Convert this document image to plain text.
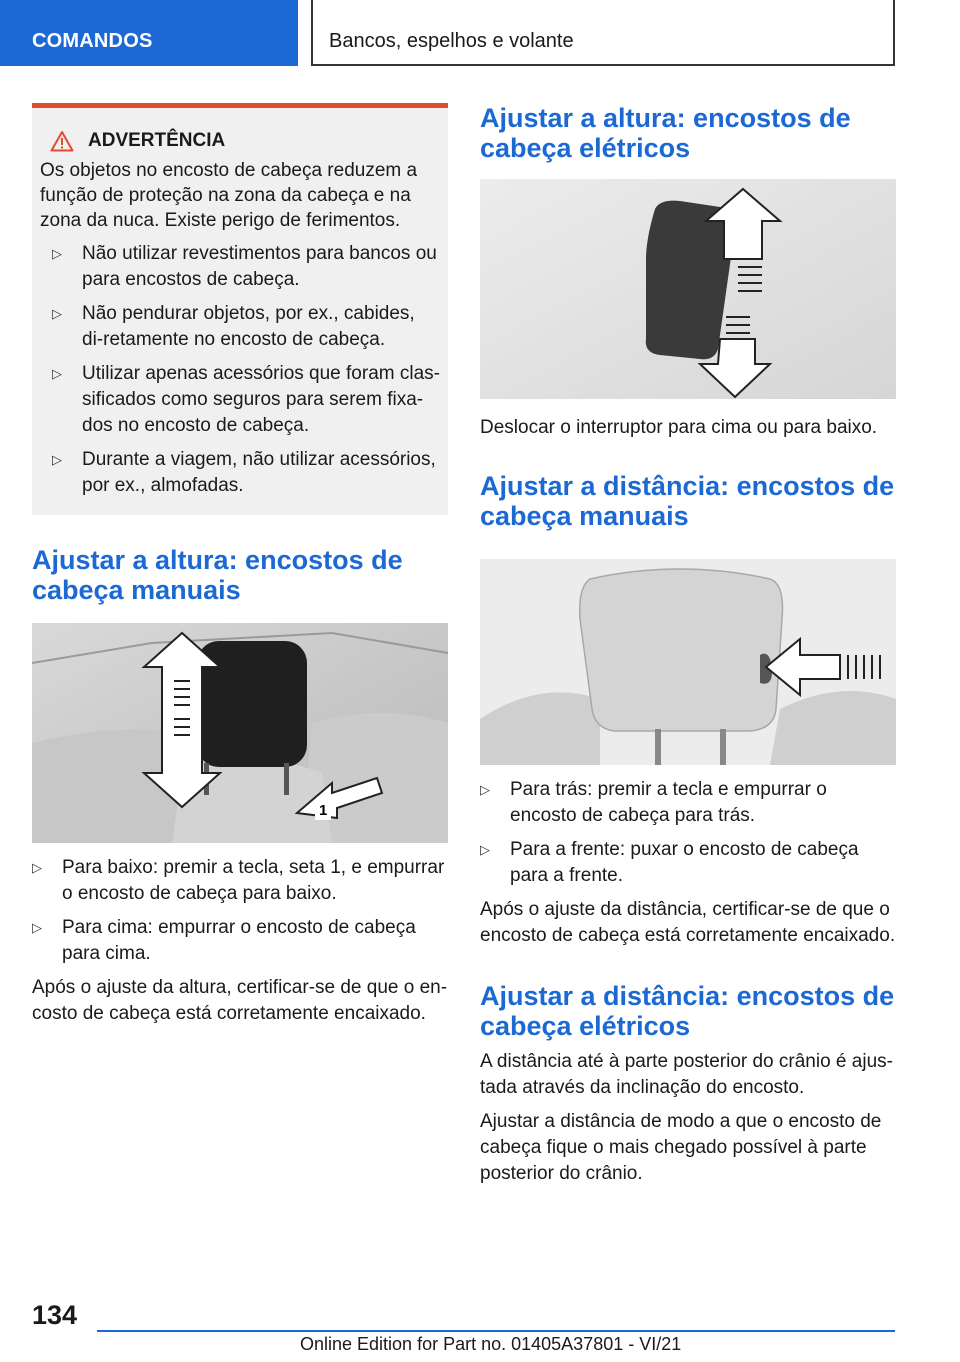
COMANDOS	Bancos, espelhos e volante
ADVERTÊNCIA

Os objetos no encosto de cabeça reduzem a função de proteção na zona da cabeça e na zona da nuca. Existe perigo de ferimentos.

▷ Não utilizar revestimentos para bancos ou para encostos de cabeça.
▷ Não pendurar objetos, por ex., cabides, di-retamente no encosto de cabeça.
▷ Utilizar apenas acessórios que foram clas-sificados como seguros para serem fixa-dos no encosto de cabeça.
▷ Durante a viagem, não utilizar acessórios, por ex., almofadas.
Ajustar a altura: encostos de cabeça manuais
1
▷ Para baixo: premir a tecla, seta 1, e empurrar o encosto de cabeça para baixo.
▷ Para cima: empurrar o encosto de cabeça para cima.

Após o ajuste da altura, certificar-se de que o en-costo de cabeça está corretamente encaixado.

Ajustar a altura: encostos de cabeça elétricos

Deslocar o interruptor para cima ou para baixo.

Ajustar a distância: encostos de cabeça manuais
▷ Para trás: premir a tecla e empurrar o encosto de cabeça para trás.
▷ Para a frente: puxar o encosto de cabeça para a frente.

Após o ajuste da distância, certificar-se de que o encosto de cabeça está corretamente encaixado.

Ajustar a distância: encostos de cabeça elétricos

A distância até à parte posterior do crânio é ajus-tada através da inclinação do encosto.

Ajustar a distância de modo a que o encosto de cabeça fique o mais chegado possível à parte posterior do crânio.

134
Online Edition for Part no. 01405A37801 - VI/21
